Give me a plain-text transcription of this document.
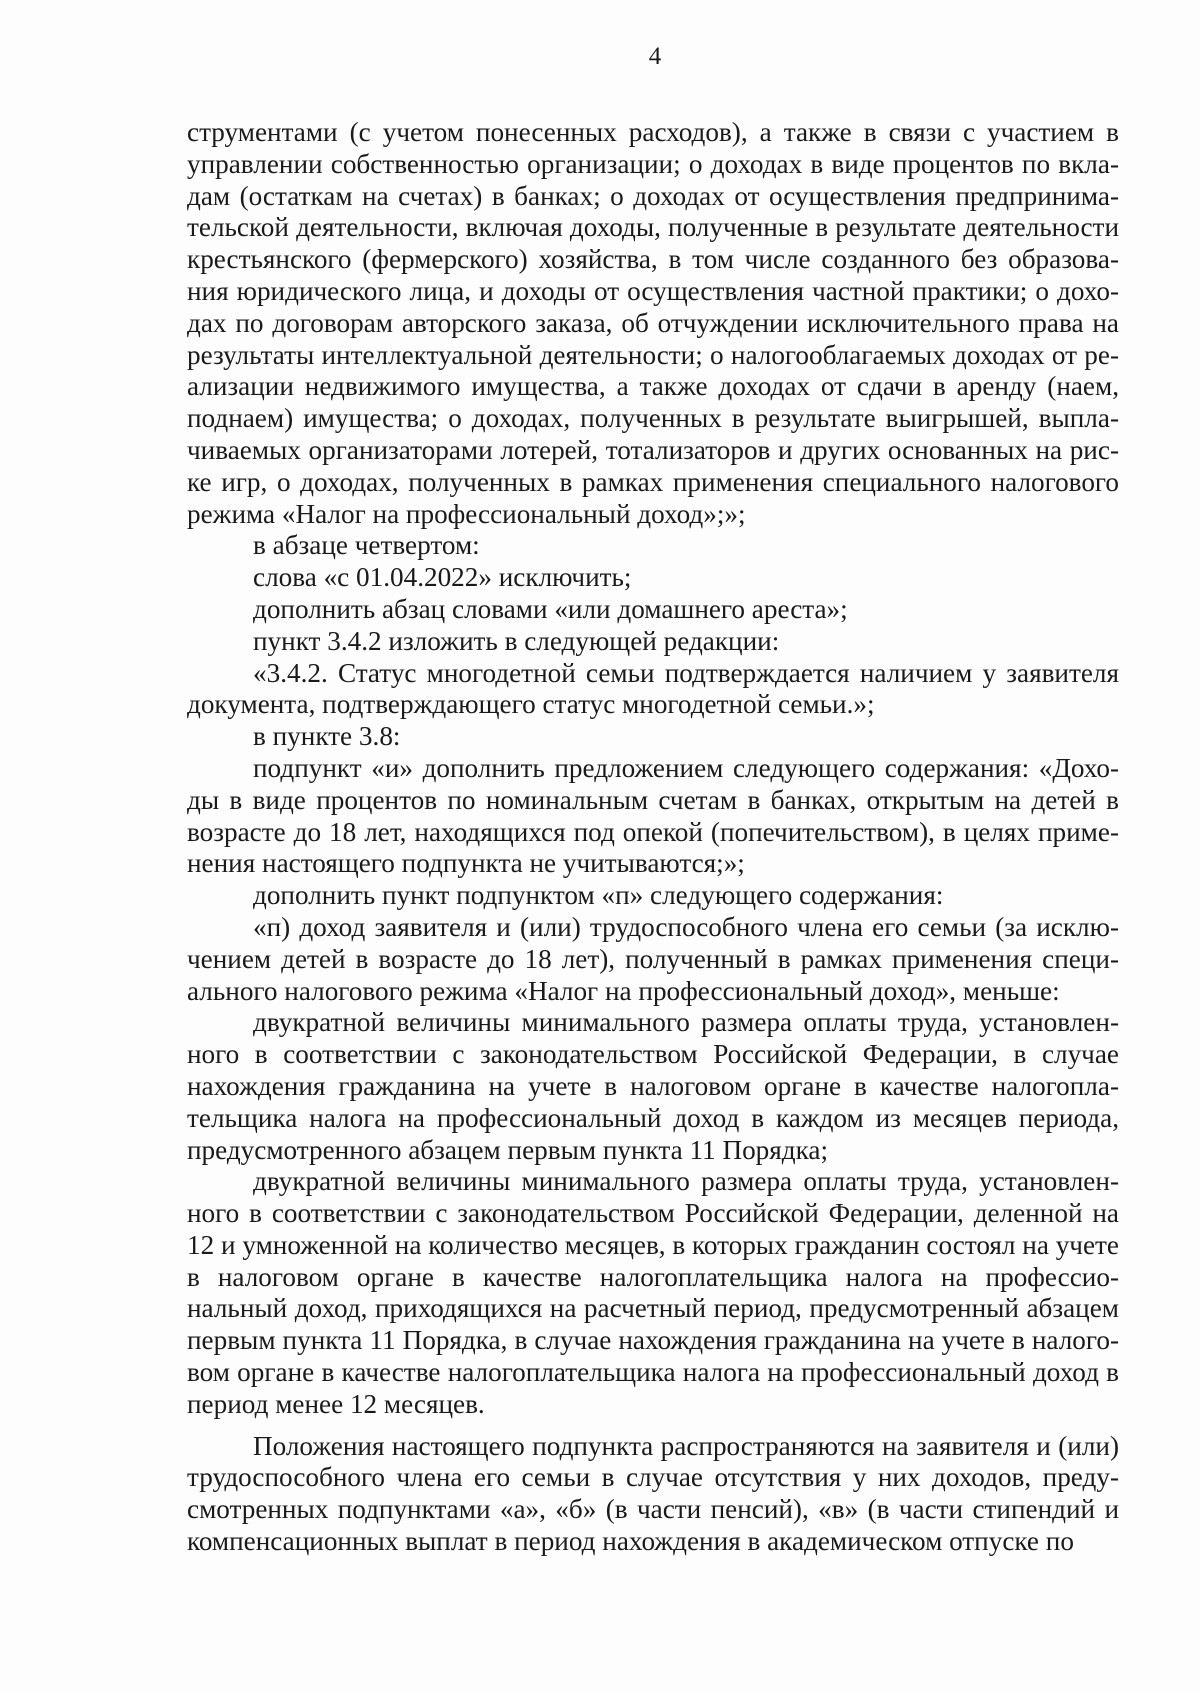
4

струментами (с учетом понесенных расходов), а также в связи с участием в управлении собственностью организации; о доходах в виде процентов по вкладам (остаткам на счетах) в банках; о доходах от осуществления предпринимательской деятельности, включая доходы, полученные в результате деятельности крестьянского (фермерского) хозяйства, в том числе созданного без образования юридического лица, и доходы от осуществления частной практики; о доходах по договорам авторского заказа, об отчуждении исключительного права на результаты интеллектуальной деятельности; о налогооблагаемых доходах от реализации недвижимого имущества, а также доходах от сдачи в аренду (наем, поднаем) имущества; о доходах, полученных в результате выигрышей, выплачиваемых организаторами лотерей, тотализаторов и других основанных на риске игр, о доходах, полученных в рамках применения специального налогового режима «Налог на профессиональный доход»;»;

в абзаце четвертом:

слова «с 01.04.2022» исключить;

дополнить абзац словами «или домашнего ареста»;

пункт 3.4.2 изложить в следующей редакции:

«3.4.2. Статус многодетной семьи подтверждается наличием у заявителя документа, подтверждающего статус многодетной семьи.»;

в пункте 3.8:

подпункт «и» дополнить предложением следующего содержания: «Доходы в виде процентов по номинальным счетам в банках, открытым на детей в возрасте до 18 лет, находящихся под опекой (попечительством), в целях применения настоящего подпункта не учитываются;»;

дополнить пункт подпунктом «п» следующего содержания:

«п) доход заявителя и (или) трудоспособного члена его семьи (за исключением детей в возрасте до 18 лет), полученный в рамках применения специального налогового режима «Налог на профессиональный доход», меньше:

двукратной величины минимального размера оплаты труда, установленного в соответствии с законодательством Российской Федерации, в случае нахождения гражданина на учете в налоговом органе в качестве налогоплательщика налога на профессиональный доход в каждом из месяцев периода, предусмотренного абзацем первым пункта 11 Порядка;

двукратной величины минимального размера оплаты труда, установленного в соответствии с законодательством Российской Федерации, деленной на 12 и умноженной на количество месяцев, в которых гражданин состоял на учете в налоговом органе в качестве налогоплательщика налога на профессиональный доход, приходящихся на расчетный период, предусмотренный абзацем первым пункта 11 Порядка, в случае нахождения гражданина на учете в налоговом органе в качестве налогоплательщика налога на профессиональный доход в период менее 12 месяцев.

Положения настоящего подпункта распространяются на заявителя и (или) трудоспособного члена его семьи в случае отсутствия у них доходов, предусмотренных подпунктами «а», «б» (в части пенсий), «в» (в части стипендий и компенсационных выплат в период нахождения в академическом отпуске по
